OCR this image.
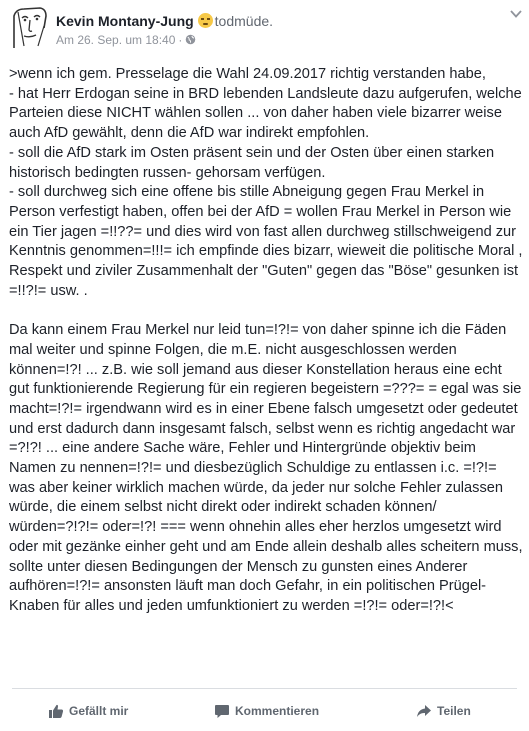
Kevin Montany-Jung todmüde.
Am 26. Sep. um 18:40 ·

>wenn ich gem. Presselage die Wahl 24.09.2017 richtig verstanden habe,
- hat Herr Erdogan seine in BRD lebenden Landsleute dazu aufgerufen, welche Parteien diese NICHT wählen sollen ... von daher haben viele bizarrer weise auch AfD gewählt, denn die AfD war indirekt empfohlen.
- soll die AfD stark im Osten präsent sein und der Osten über einen starken historisch bedingten russen- gehorsam verfügen.
- soll durchweg sich eine offene bis stille Abneigung gegen Frau Merkel in Person verfestigt haben, offen bei der AfD = wollen Frau Merkel in Person wie ein Tier jagen =!!??= und dies wird von fast allen durchweg stillschweigend zur Kenntnis genommen=!!!= ich empfinde dies bizarr, wieweit die politische Moral , Respekt und ziviler Zusammenhalt der "Guten" gegen das "Böse" gesunken ist =!!?!= usw. .

Da kann einem Frau Merkel nur leid tun=!?!= von daher spinne ich die Fäden mal weiter und spinne Folgen, die m.E. nicht ausgeschlossen werden können=!?! ... z.B. wie soll jemand aus dieser Konstellation heraus eine echt gut funktionierende Regierung für ein regieren begeistern =???= = egal was sie macht=!?!= irgendwann wird es in einer Ebene falsch umgesetzt oder gedeutet und erst dadurch dann insgesamt falsch, selbst wenn es richtig angedacht war =?!?! ... eine andere Sache wäre, Fehler und Hintergründe objektiv beim Namen zu nennen=!?!= und diesbezüglich Schuldige zu entlassen i.c. =!?!= was aber keiner wirklich machen würde, da jeder nur solche Fehler zulassen würde, die einem selbst nicht direkt oder indirekt schaden können/ würden=?!?!= oder=!?! === wenn ohnehin alles eher herzlos umgesetzt wird oder mit gezänke einher geht und am Ende allein deshalb alles scheitern muss, sollte unter diesen Bedingungen der Mensch zu gunsten eines Anderer aufhören=!?!= ansonsten läuft man doch Gefahr, in ein politischen Prügel-Knaben für alles und jeden umfunktioniert zu werden =!?!= oder=!?!<

Gefällt mir	Kommentieren	Teilen
